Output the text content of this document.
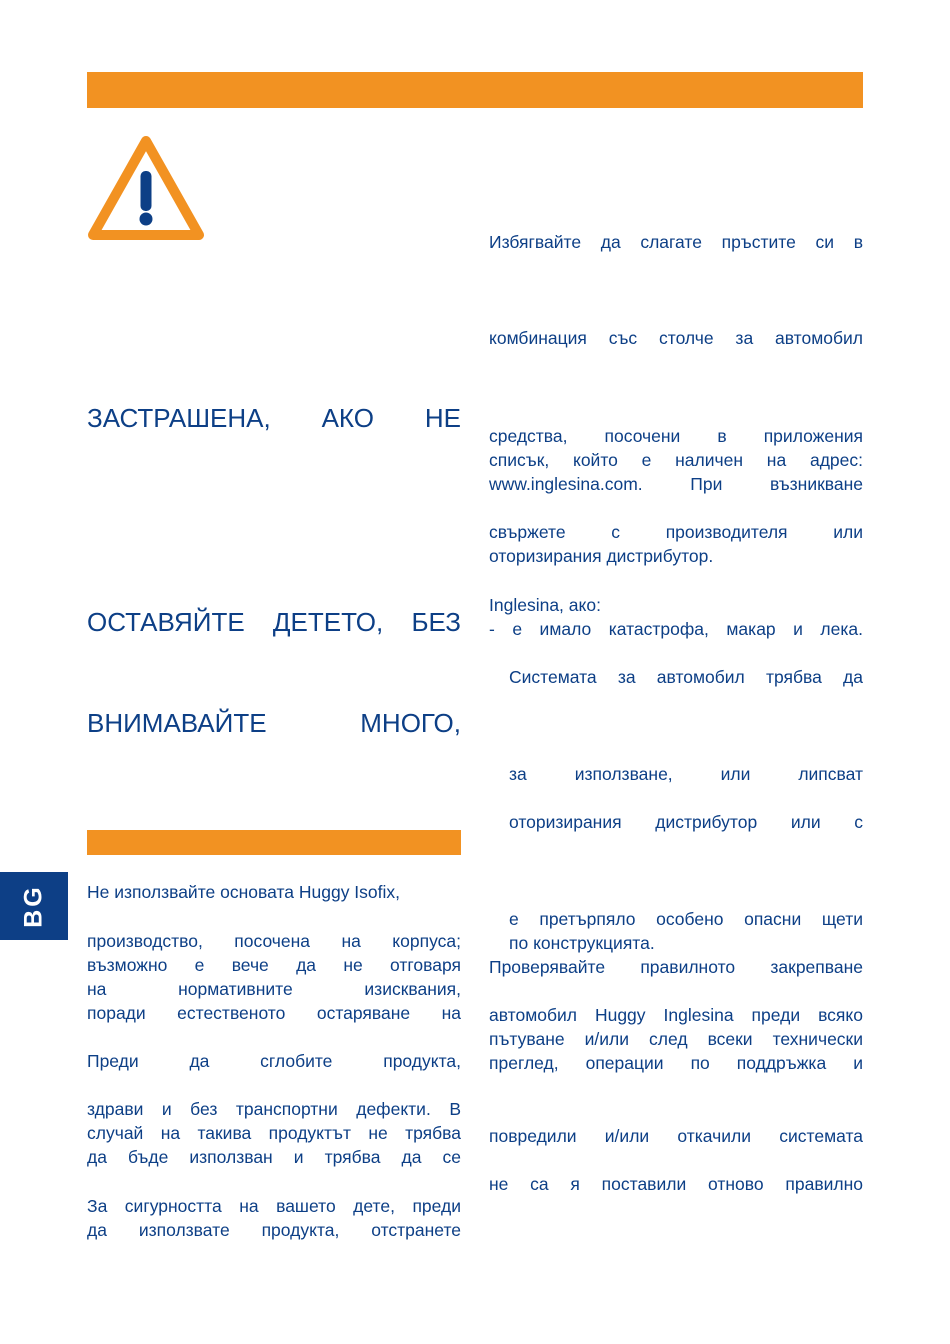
ЗАСТРАШЕНА, АКО НЕ
ОСТАВЯЙТЕ ДЕТЕТО, БЕЗ
ВНИМАВАЙТЕ МНОГО,
BG Не използвайте основата Huggy Isofix,
производство, посочена на корпуса;
възможно е вече да не отговаря
на нормативните изисквания,
поради естественото остаряване на
Преди да сглобите продукта,
здрави и без транспортни дефекти. В
случай на такива продуктът не трябва
да бъде използван и трябва да се
За сигурността на вашето дете, преди
да използвате продукта, отстранете
Избягвайте да слагате пръстите си в
комбинация със столче за автомобил
средства, посочени в приложения
списък, който е наличен на адрес:
www.inglesina.com. При възникване
свържете с производителя или
оторизирания дистрибутор.
Inglesina, ако:
- е имало катастрофа, макар и лека.
Системата за автомобил трябва да
за използване, или липсват
оторизирания дистрибутор или с
е претърпяло особено опасни щети
по конструкцията.
Проверявайте правилното закрепване
автомобил Huggy Inglesina преди всяко
пътуване и/или след всеки технически
преглед, операции по поддръжка и
повредили и/или откачили системата
не са я поставили отново правилно
